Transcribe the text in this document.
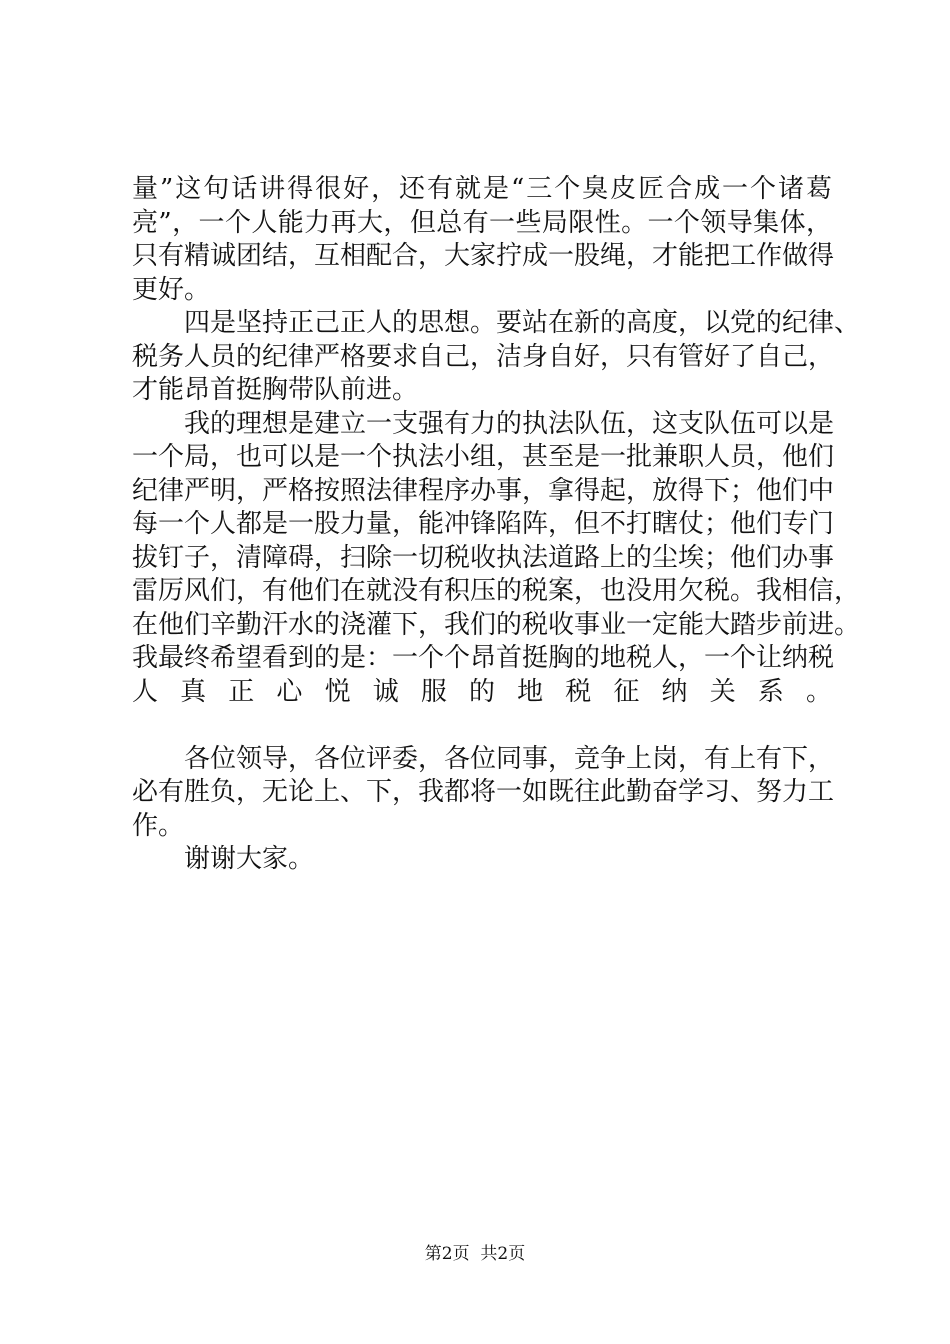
量”这句话讲得很好，还有就是“三个臭皮匠合成一个诸葛
亮”，一个人能力再大，但总有一些局限性。一个领导集体，
只有精诚团结，互相配合，大家拧成一股绳，才能把工作做得
更好。
四是坚持正己正人的思想。要站在新的高度，以党的纪律、
税务人员的纪律严格要求自己，洁身自好，只有管好了自己，
才能昂首挺胸带队前进。
我的理想是建立一支强有力的执法队伍，这支队伍可以是
一个局，也可以是一个执法小组，甚至是一批兼职人员，他们
纪律严明，严格按照法律程序办事，拿得起，放得下；他们中
每一个人都是一股力量，能冲锋陷阵，但不打瞎仗；他们专门
拔钉子，清障碍，扫除一切税收执法道路上的尘埃；他们办事
雷厉风们，有他们在就没有积压的税案，也没用欠税。我相信，
在他们辛勤汗水的浇灌下，我们的税收事业一定能大踏步前进。
我最终希望看到的是：一个个昂首挺胸的地税人，一个让纳税
人真正心悦诚服的地税征纳关系。
各位领导，各位评委，各位同事，竞争上岗，有上有下，
必有胜负，无论上、下，我都将一如既往此勤奋学习、努力工
作。
谢谢大家。
第2页  共2页
